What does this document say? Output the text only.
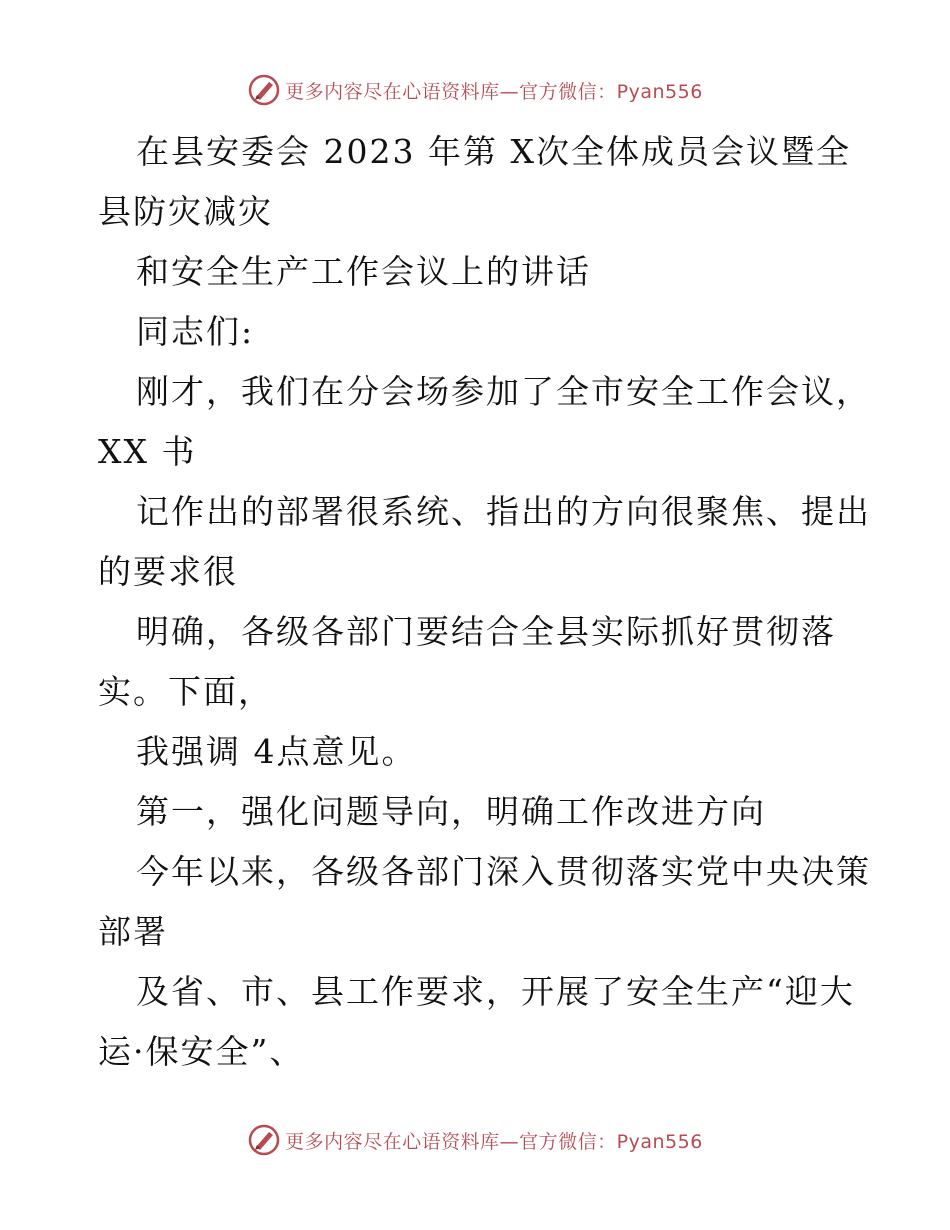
更多内容尽在心语资料库—官方微信：Pyan556

在县安委会 2023 年第 X次全体成员会议暨全

县防灾减灾

和安全生产工作会议上的讲话

同志们:

刚才，我们在分会场参加了全市安全工作会议，

XX 书

记作出的部署很系统、指出的方向很聚焦、提出

的要求很

明确，各级各部门要结合全县实际抓好贯彻落

实。下面，

我强调 4点意见。

第一，强化问题导向，明确工作改进方向

今年以来，各级各部门深入贯彻落实党中央决策

部署

及省、市、县工作要求，开展了安全生产“迎大

运·保安全”、

更多内容尽在心语资料库—官方微信：Pyan556
